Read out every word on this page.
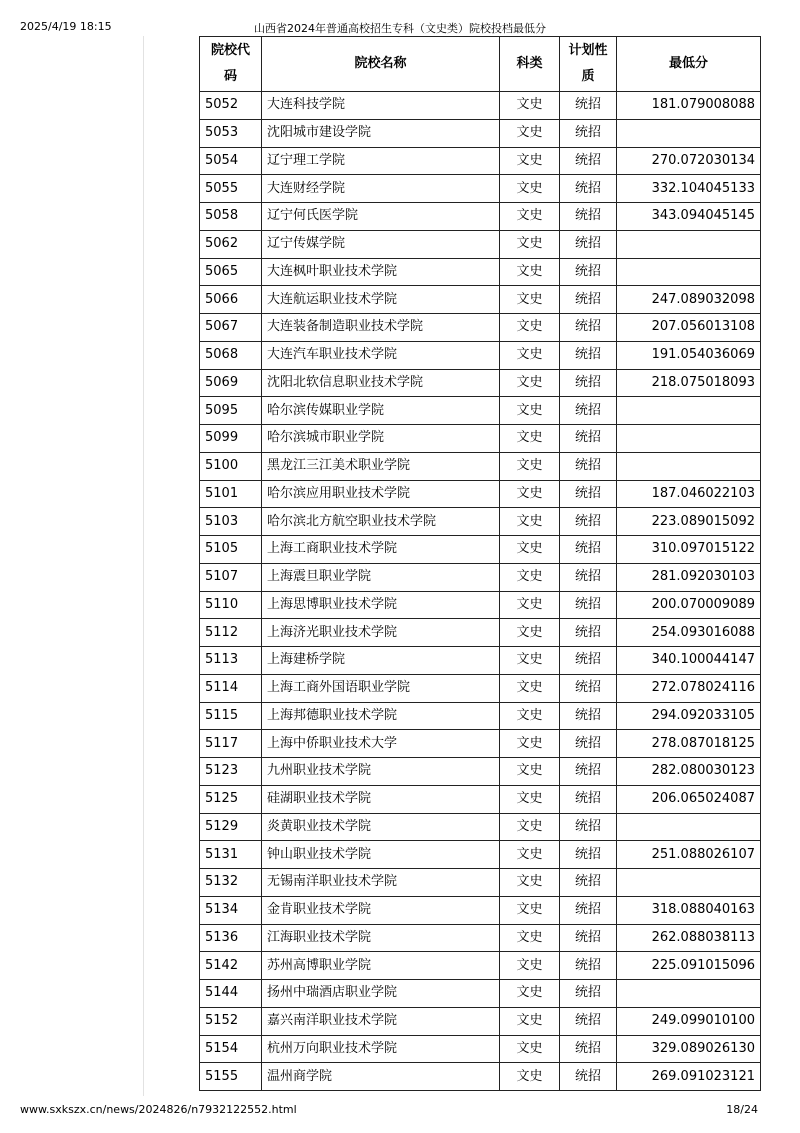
2025/4/19 18:15	山西省2024年普通高校招生专科（文史类）院校投档最低分
院校代码	院校名称	科类	计划性质	最低分
5052	大连科技学院	文史	统招	181.079008088
5053	沈阳城市建设学院	文史	统招	
5054	辽宁理工学院	文史	统招	270.072030134
5055	大连财经学院	文史	统招	332.104045133
5058	辽宁何氏医学院	文史	统招	343.094045145
5062	辽宁传媒学院	文史	统招	
5065	大连枫叶职业技术学院	文史	统招	
5066	大连航运职业技术学院	文史	统招	247.089032098
5067	大连装备制造职业技术学院	文史	统招	207.056013108
5068	大连汽车职业技术学院	文史	统招	191.054036069
5069	沈阳北软信息职业技术学院	文史	统招	218.075018093
5095	哈尔滨传媒职业学院	文史	统招	
5099	哈尔滨城市职业学院	文史	统招	
5100	黑龙江三江美术职业学院	文史	统招	
5101	哈尔滨应用职业技术学院	文史	统招	187.046022103
5103	哈尔滨北方航空职业技术学院	文史	统招	223.089015092
5105	上海工商职业技术学院	文史	统招	310.097015122
5107	上海震旦职业学院	文史	统招	281.092030103
5110	上海思博职业技术学院	文史	统招	200.070009089
5112	上海济光职业技术学院	文史	统招	254.093016088
5113	上海建桥学院	文史	统招	340.100044147
5114	上海工商外国语职业学院	文史	统招	272.078024116
5115	上海邦德职业技术学院	文史	统招	294.092033105
5117	上海中侨职业技术大学	文史	统招	278.087018125
5123	九州职业技术学院	文史	统招	282.080030123
5125	硅湖职业技术学院	文史	统招	206.065024087
5129	炎黄职业技术学院	文史	统招	
5131	钟山职业技术学院	文史	统招	251.088026107
5132	无锡南洋职业技术学院	文史	统招	
5134	金肯职业技术学院	文史	统招	318.088040163
5136	江海职业技术学院	文史	统招	262.088038113
5142	苏州高博职业学院	文史	统招	225.091015096
5144	扬州中瑞酒店职业学院	文史	统招	
5152	嘉兴南洋职业技术学院	文史	统招	249.099010100
5154	杭州万向职业技术学院	文史	统招	329.089026130
5155	温州商学院	文史	统招	269.091023121
www.sxkszx.cn/news/2024826/n7932122552.html	18/24
